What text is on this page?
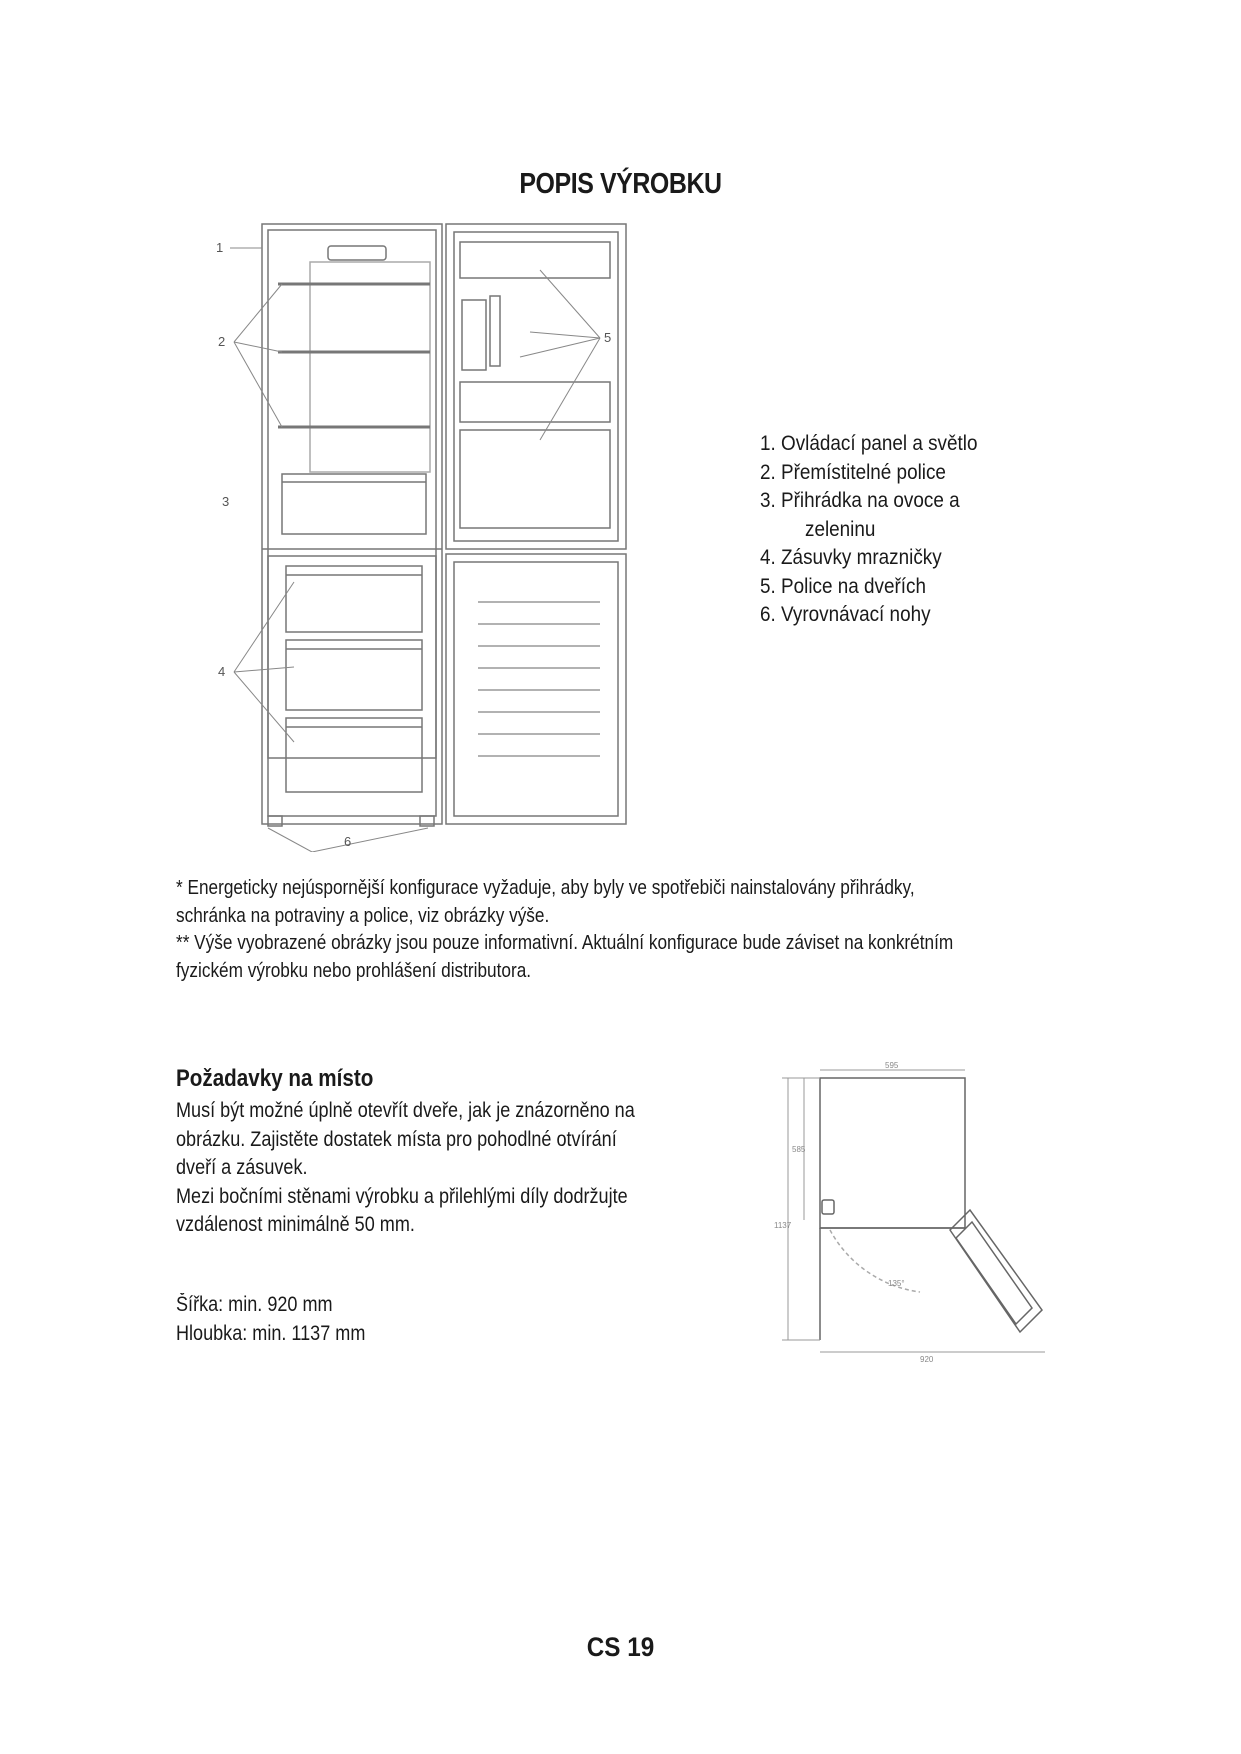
POPIS VÝROBKU
1
2
3
4
5
6
1. Ovládací panel a světlo
2. Přemístitelné police
3. Přihrádka na ovoce a
zeleninu
4. Zásuvky mrazničky
5. Police na dveřích
6. Vyrovnávací nohy

* Energeticky nejúspornější konfigurace vyžaduje, aby byly ve spotřebiči nainstalovány přihrádky,

schránka na potraviny a police, viz obrázky výše.

** Výše vyobrazené obrázky jsou pouze informativní. Aktuální konfigurace bude záviset na konkrétním

fyzickém výrobku nebo prohlášení distributora.

Požadavky na místo
Musí být možné úplně otevřít dveře, jak je znázorněno na
obrázku. Zajistěte dostatek místa pro pohodlné otvírání
dveří a zásuvek.
Mezi bočními stěnami výrobku a přilehlými díly dodržujte
vzdálenost minimálně 50 mm.
Šířka: min. 920 mm
Hloubka: min. 1137 mm
595
585
1137
135°
920
CS 19
